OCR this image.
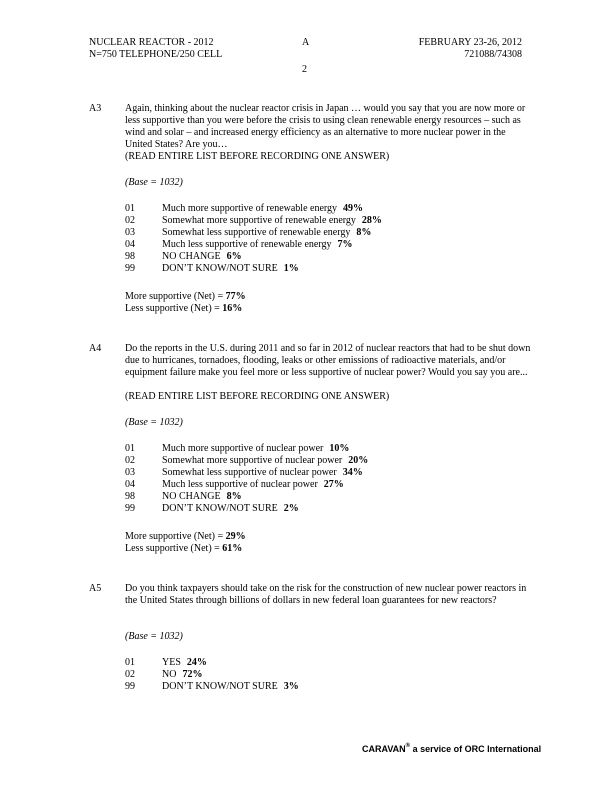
NUCLEAR REACTOR - 2012
N=750 TELEPHONE/250 CELL
A
2
FEBRUARY 23-26, 2012
721088/74308
A3 Again, thinking about the nuclear reactor crisis in Japan … would you say that you are now more or less supportive than you were before the crisis to using clean renewable energy resources – such as wind and solar – and increased energy efficiency as an alternative to more nuclear power in the United States? Are you…
(READ ENTIRE LIST BEFORE RECORDING ONE ANSWER)
(Base = 1032)
01	Much more supportive of renewable energy 49%
02	Somewhat more supportive of renewable energy 28%
03	Somewhat less supportive of renewable energy 8%
04	Much less supportive of renewable energy 7%
98	NO CHANGE 6%
99	DON’T KNOW/NOT SURE 1%
More supportive (Net) = 77%
Less supportive (Net) = 16%
A4 Do the reports in the U.S. during 2011 and so far in 2012 of nuclear reactors that had to be shut down due to hurricanes, tornadoes, flooding, leaks or other emissions of radioactive materials, and/or equipment failure make you feel more or less supportive of nuclear power? Would you say you are...
(READ ENTIRE LIST BEFORE RECORDING ONE ANSWER)
(Base = 1032)
01	Much more supportive of nuclear power 10%
02	Somewhat more supportive of nuclear power 20%
03	Somewhat less supportive of nuclear power 34%
04	Much less supportive of nuclear power 27%
98	NO CHANGE 8%
99	DON’T KNOW/NOT SURE 2%
More supportive (Net) = 29%
Less supportive (Net) = 61%
A5 Do you think taxpayers should take on the risk for the construction of new nuclear power reactors in the United States through billions of dollars in new federal loan guarantees for new reactors?
(Base = 1032)
01	YES 24%
02	NO 72%
99	DON’T KNOW/NOT SURE 3%
CARAVAN® a service of ORC International
